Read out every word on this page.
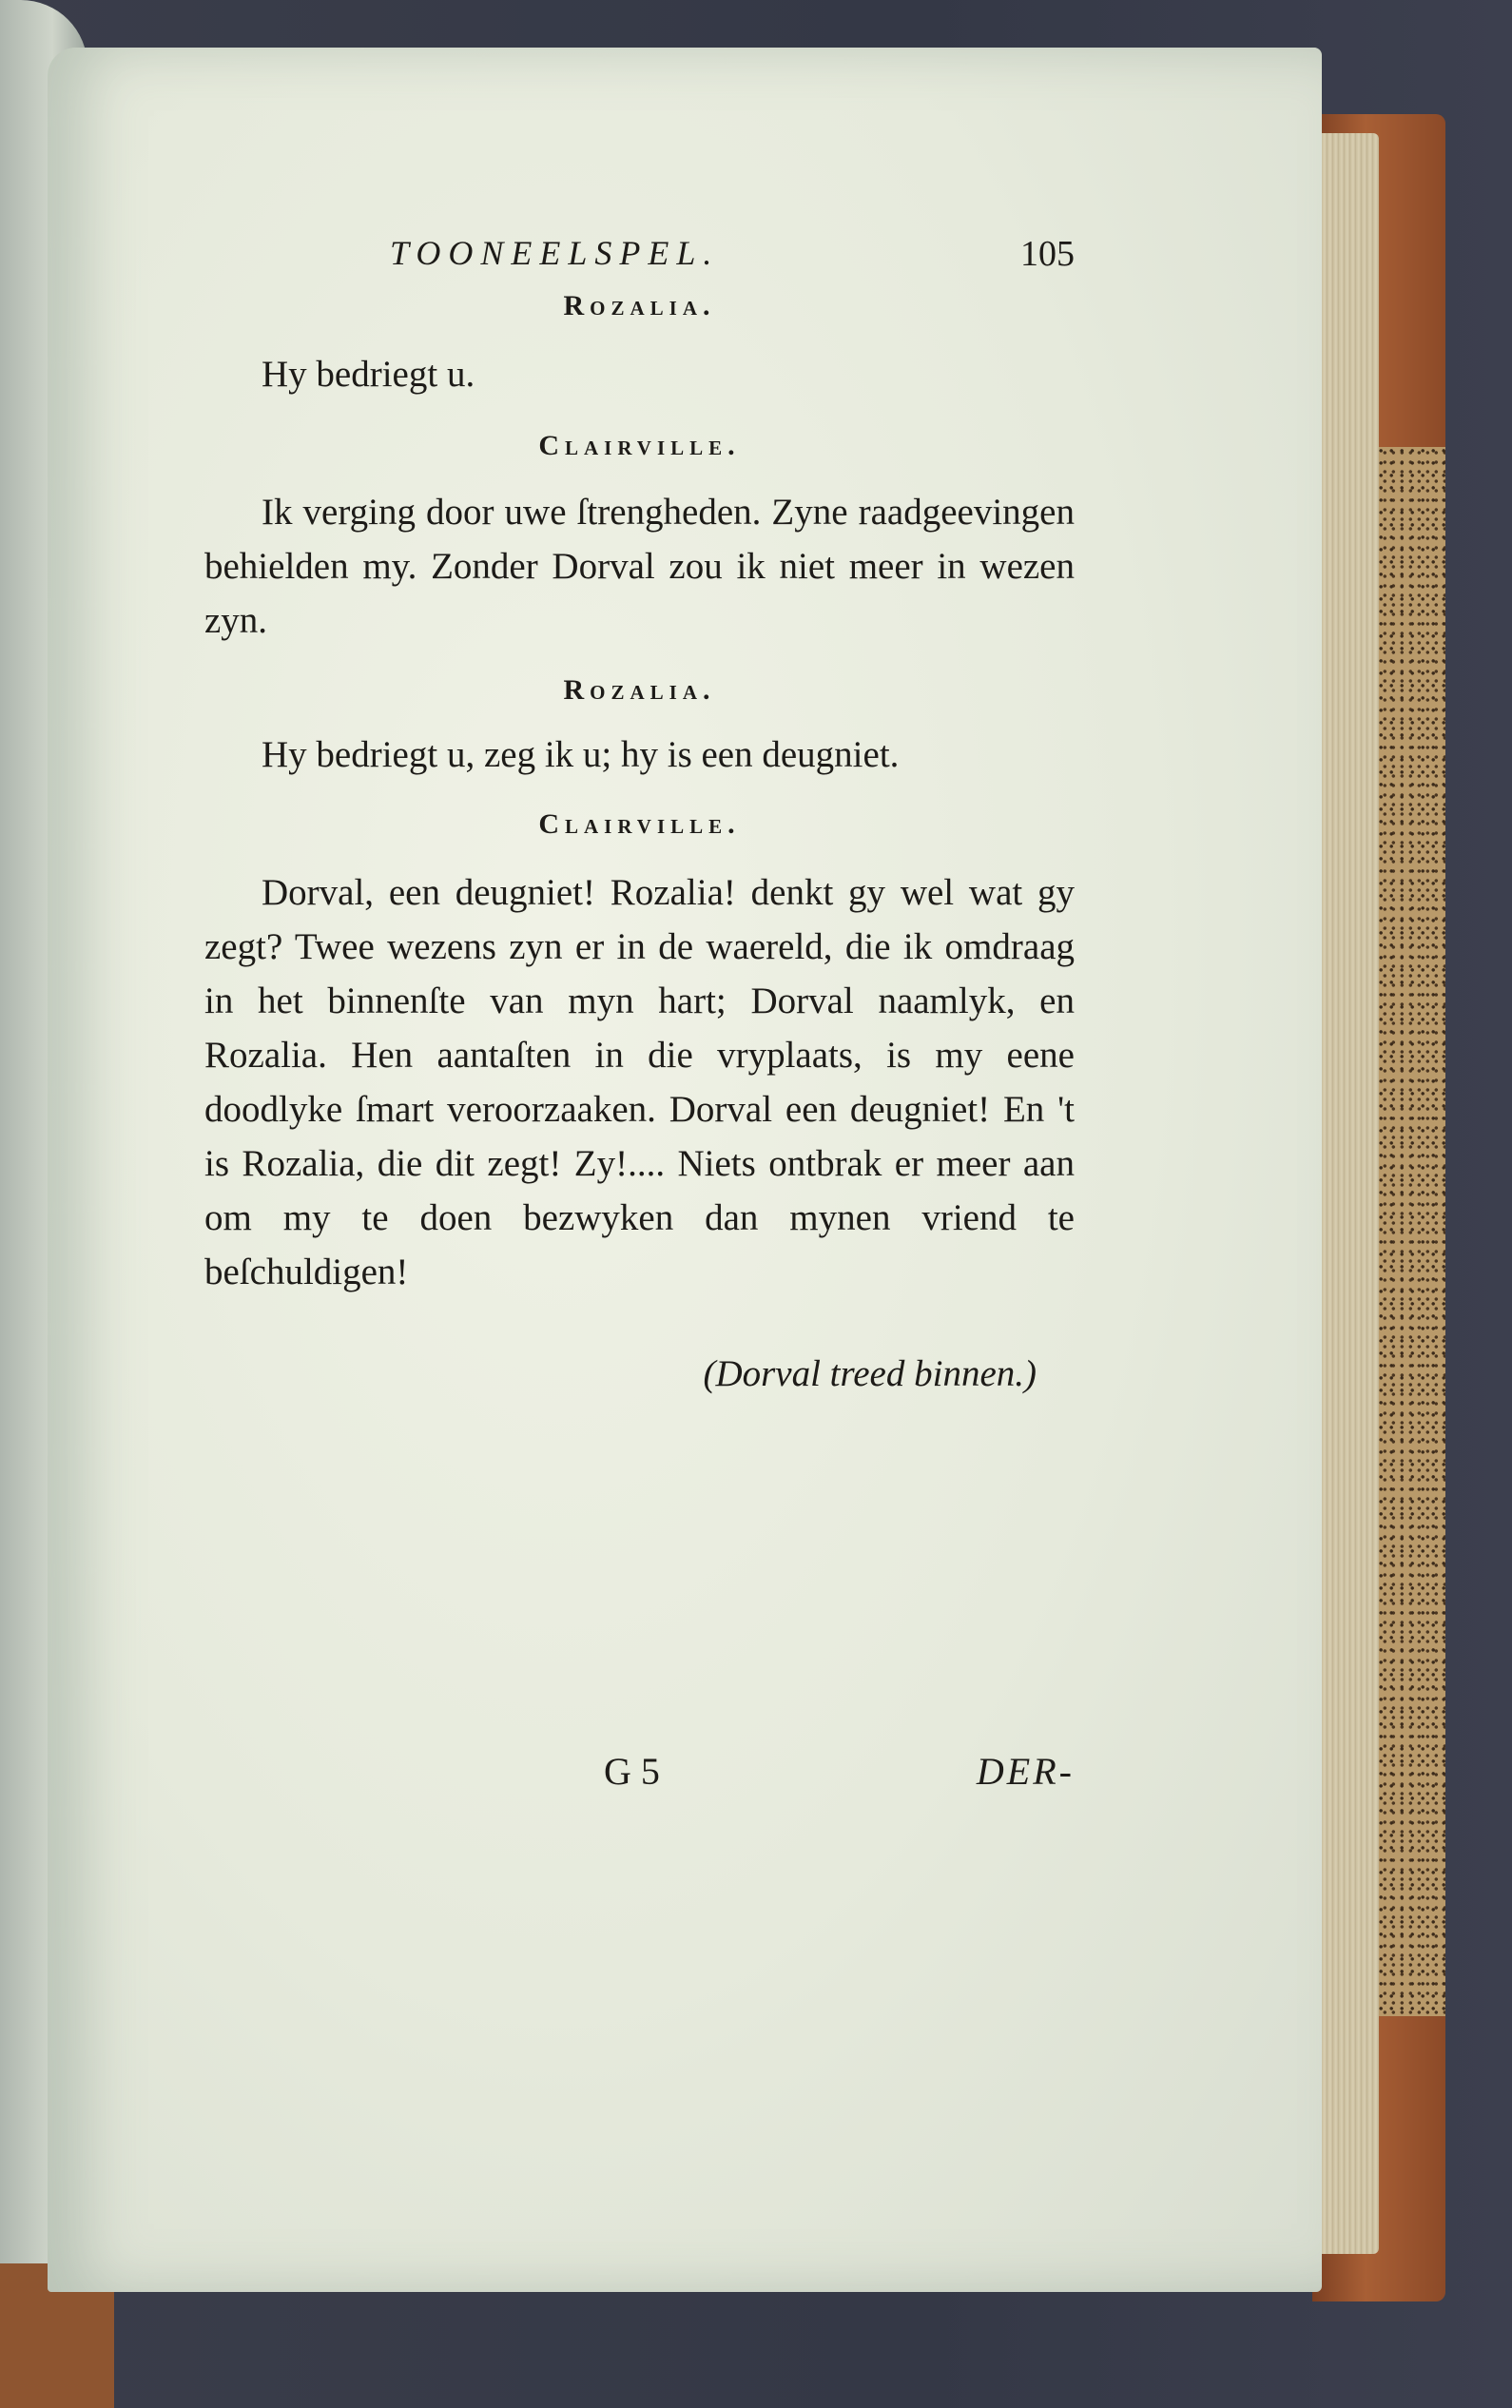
TOONEELSPEL.	105

Rozalia.

Hy bedriegt u.

Clairville.

Ik verging door uwe ſtrengheden. Zyne raadgeevingen behielden my. Zonder Dorval zou ik niet meer in wezen zyn.

Rozalia.

Hy bedriegt u, zeg ik u; hy is een deugniet.

Clairville.

Dorval, een deugniet! Rozalia! denkt gy wel wat gy zegt? Twee wezens zyn er in de waereld, die ik omdraag in het binnenſte van myn hart; Dorval naamlyk, en Rozalia. Hen aantaſten in die vryplaats, is my eene doodlyke ſmart veroorzaaken. Dorval een deugniet! En 't is Rozalia, die dit zegt! Zy!.... Niets ontbrak er meer aan om my te doen bezwyken dan mynen vriend te beſchuldigen!

(Dorval treed binnen.)

G 5	DER-
